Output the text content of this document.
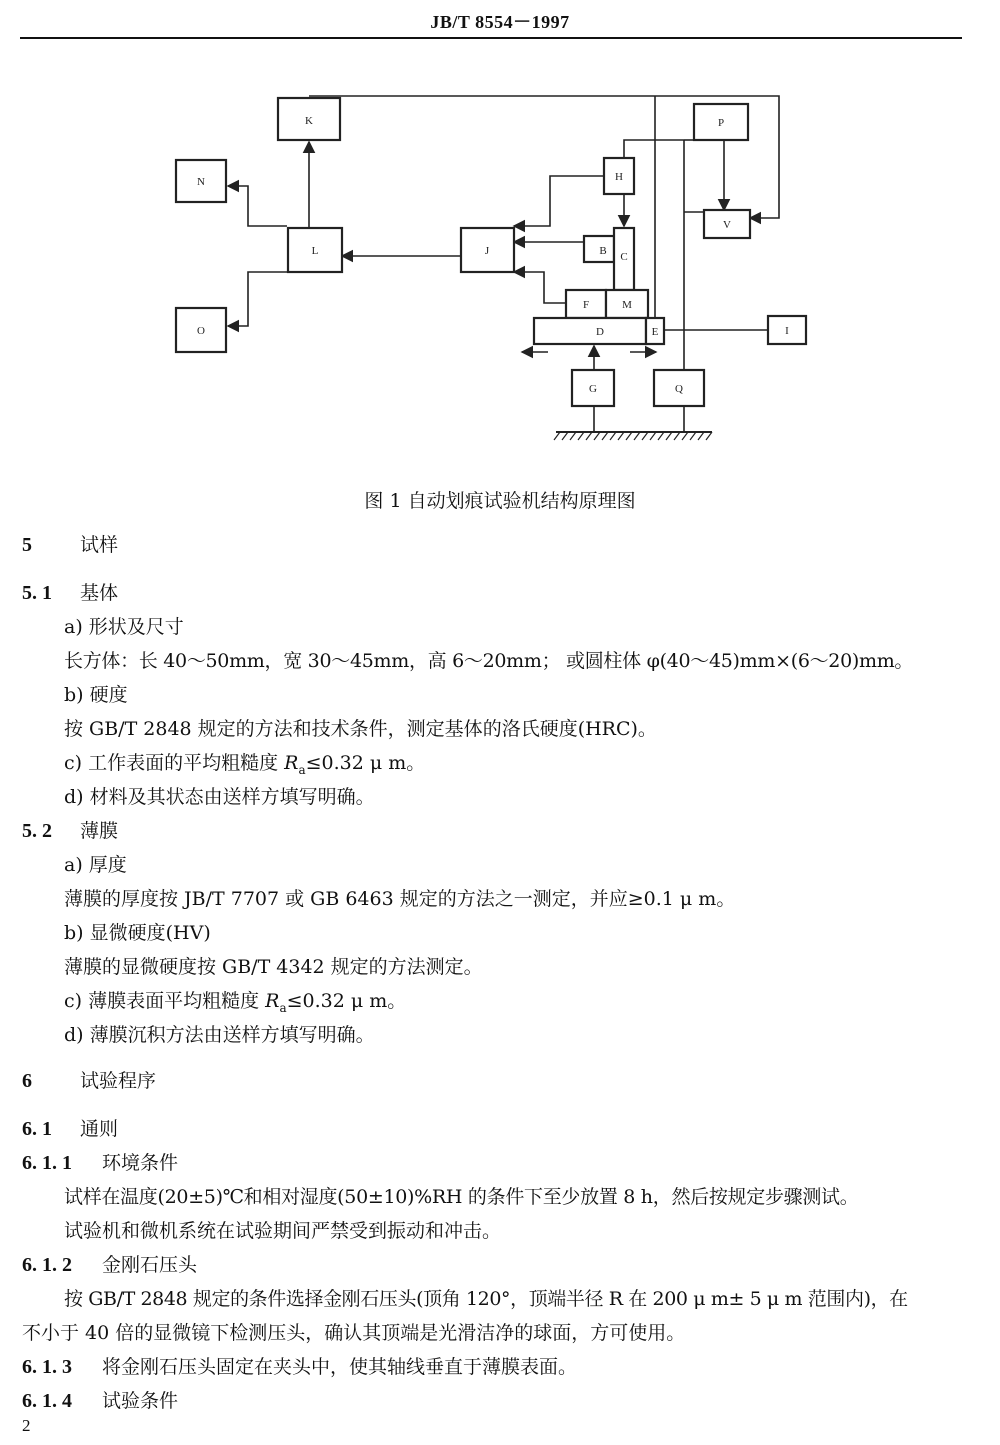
JB/T 8554－1997
K
N
L
O
J
H
B C
F	M
D	E
P
V
I
G	Q
图 1 自动划痕试验机结构原理图
5	试样
5. 1 基体
a) 形状及尺寸
长方体：长 40～50mm，宽 30～45mm，高 6～20mm； 或圆柱体 φ(40～45)mm×(6～20)mm。
b) 硬度
按 GB/T 2848 规定的方法和技术条件，测定基体的洛氏硬度(HRC)。
c) 工作表面的平均粗糙度 $R_a\le 0.32$ μ m。
d) 材料及其状态由送样方填写明确。
5. 2 薄膜
a) 厚度
薄膜的厚度按 JB/T 7707 或 GB 6463 规定的方法之一测定，并应≥0.1 μ m。
b) 显微硬度(HV)
薄膜的显微硬度按 GB/T 4342 规定的方法测定。
c) 薄膜表面平均粗糙度 $R_a\le 0.32$ μ m。
d) 薄膜沉积方法由送样方填写明确。
6	试验程序
6. 1 通则
6. 1. 1 环境条件
试样在温度(20±5)℃和相对湿度(50±10)%RH 的条件下至少放置 8 h，然后按规定步骤测试。
试验机和微机系统在试验期间严禁受到振动和冲击。
6. 1. 2 金刚石压头
按 GB/T 2848 规定的条件选择金刚石压头(顶角 120°，顶端半径 R 在 200 μ m± 5 μ m 范围内)，在
不小于 40 倍的显微镜下检测压头，确认其顶端是光滑洁净的球面，方可使用。
6. 1. 3 将金刚石压头固定在夹头中，使其轴线垂直于薄膜表面。
6. 1. 4 试验条件
2
